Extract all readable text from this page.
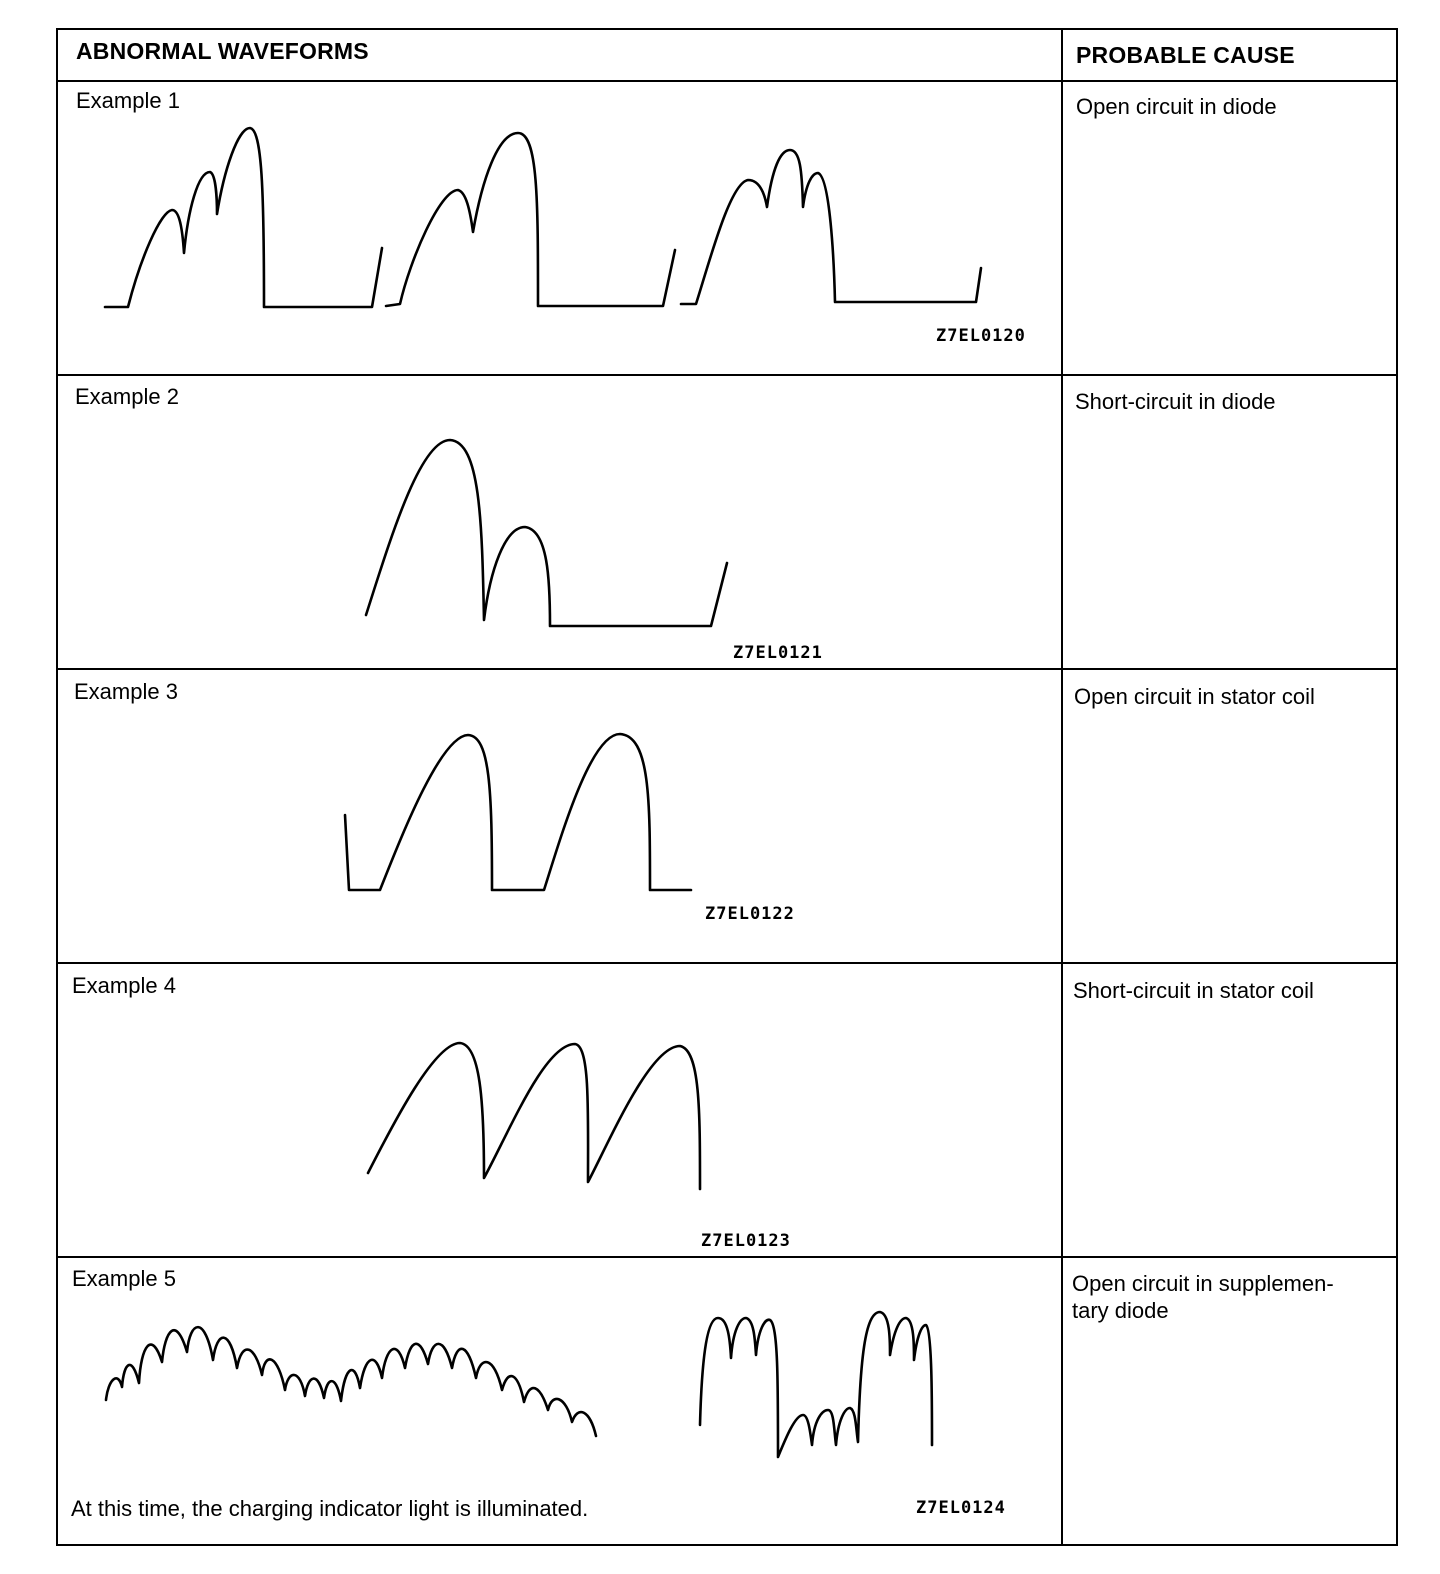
ABNORMAL WAVEFORMS	PROBABLE CAUSE
Example 1
Example 2
Example 3
Example 4
Example 5
Open circuit in diode
Short-circuit in diode
Open circuit in stator coil
Short-circuit in stator coil
Open circuit in supplemen-
tary diode
Z7EL0120
Z7EL0121
Z7EL0122
Z7EL0123
Z7EL0124
At this time, the charging indicator light is illuminated.
